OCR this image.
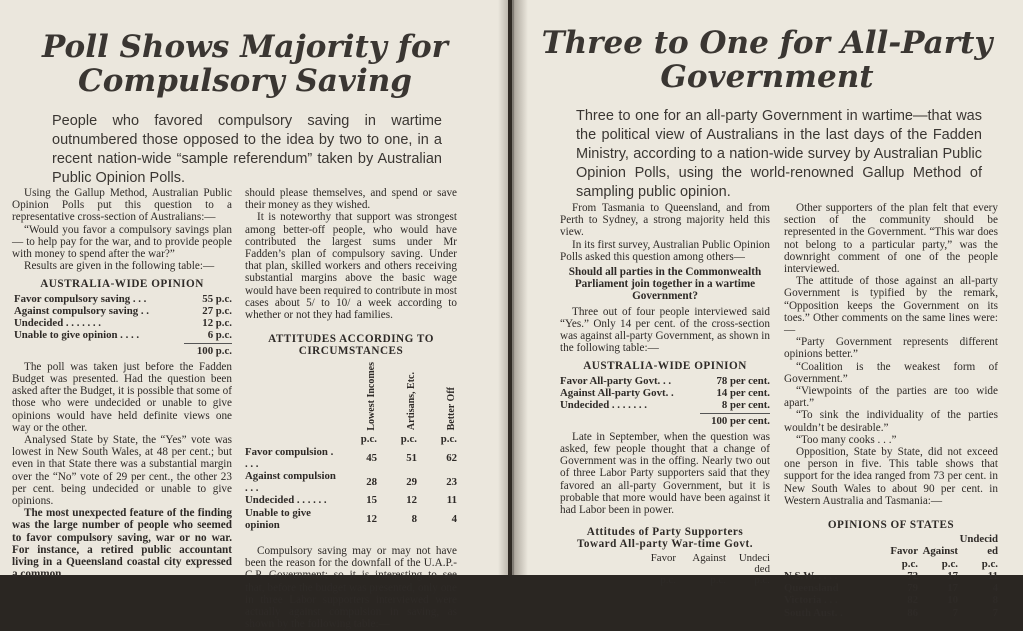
Poll Shows Majority for
Compulsory Saving

People who favored compulsory saving in wartime outnumbered those opposed to the idea by two to one, in a recent nation-wide “sample referendum” taken by Australian Public Opinion Polls.

Using the Gallup Method, Australian Public Opinion Polls put this question to a representative cross-section of Australians:—

“Would you favor a compulsory savings plan — to help pay for the war, and to provide people with money to spend after the war?”

Results are given in the following table:—

AUSTRALIA-WIDE OPINION
Favor compulsory saving . . .	55 p.c.
Against compulsory saving . .	27 p.c.
Undecided . . . . . . .	12 p.c.
Unable to give opinion . . . .	6 p.c.
100 p.c.

The poll was taken just before the Fadden Budget was presented. Had the question been asked after the Budget, it is possible that some of those who were undecided or unable to give opinions would have held definite views one way or the other.

Analysed State by State, the “Yes” vote was lowest in New South Wales, at 48 per cent.; but even in that State there was a substantial margin over the “No” vote of 29 per cent., the other 23 per cent. being undecided or unable to give opinions.

The most unexpected feature of the finding was the large number of people who seemed to favor compulsory saving, war or no war. For instance, a retired public accountant living in a Queensland coastal city expressed a common

should please themselves, and spend or save their money as they wished.

It is noteworthy that support was strongest among better-off people, who would have contributed the largest sums under Mr Fadden’s plan of compulsory saving. Under that plan, skilled workers and others receiving substantial margins above the basic wage would have been required to contribute in most cases about 5/ to 10/ a week according to whether or not they had families.

ATTITUDES ACCORDING TO CIRCUMSTANCES
	Lowest Incomes	Artisans, Etc.	Better Off
	p.c.	p.c.	p.c.
Favor compulsion . . . .	45	51	62
Against compulsion . . .	28	29	23
Undecided . . . . . .	15	12	11
Unable to give opinion	12	8	4

Compulsory saving may or may not have been the reason for the downfall of the U.A.P.-C.P. Government; so it is interesting to see that, before the budget was presented, only one in three Labor supporters interviewed were actually against compulsion in saving, as shown by the following table:—

Three to One for All-Party
Government

Three to one for an all-party Government in wartime—that was the political view of Australians in the last days of the Fadden Ministry, according to a nation-wide survey by Australian Public Opinion Polls, using the world-renowned Gallup Method of sampling public opinion.

From Tasmania to Queensland, and from Perth to Sydney, a strong majority held this view.

In its first survey, Australian Public Opinion Polls asked this question among others—

Should all parties in the Commonwealth Parliament join together in a wartime Government?

Three out of four people interviewed said “Yes.” Only 14 per cent. of the cross-section was against all-party Government, as shown in the following table:—

AUSTRALIA-WIDE OPINION
Favor All-party Govt. . .	78 per cent.
Against All-party Govt. .	14 per cent.
Undecided . . . . . . .	8 per cent.
100 per cent.

Late in September, when the question was asked, few people thought that a change of Government was in the offing. Nearly two out of three Labor Party supporters said that they favored an all-party Government, but it is probable that more would have been against it had Labor been in power.

Attitudes of Party Supporters Toward All-party War-time Govt.
Favor	Against Undecided
p.c.	p.c.	p.c.

Other supporters of the plan felt that every section of the community should be represented in the Government. “This war does not belong to a particular party,” was the downright comment of one of the people interviewed.

The attitude of those against an all-party Government is typified by the remark, “Opposition keeps the Government on its toes.” Other comments on the same lines were:—

“Party Government represents different opinions better.”

“Coalition is the weakest form of Government.”

“Viewpoints of the parties are too wide apart.”

“To sink the individuality of the parties wouldn’t be desirable.”

“Too many cooks . . .”

Opposition, State by State, did not exceed one person in five. This table shows that support for the idea ranged from 73 per cent. in New South Wales to about 90 per cent. in Western Australia and Tasmania:—

OPINIONS OF STATES
	Favor	Against	Undecided
	p.c.	p.c.	p.c.
N.S.W. . . . .	72	17	11
Queensland	79	17	4
Victoria . . .	82	10	8
South Aust. .	86	7	7
